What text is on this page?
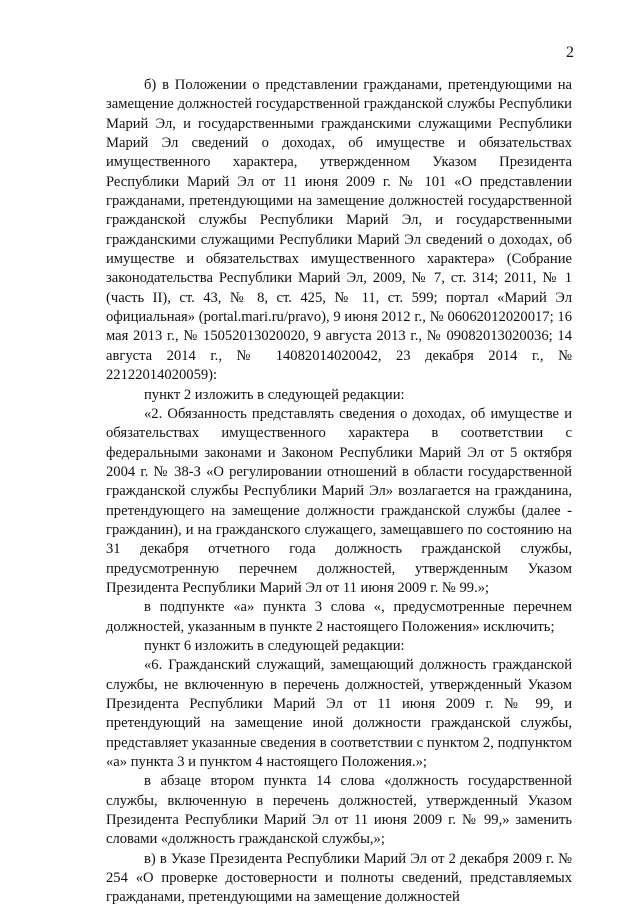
2

б) в Положении о представлении гражданами, претендующими на замещение должностей государственной гражданской службы Республики Марий Эл, и государственными гражданскими служащими Республики Марий Эл сведений о доходах, об имуществе и обязательствах имущественного характера, утвержденном Указом Президента Республики Марий Эл от 11 июня 2009 г. № 101 «О представлении гражданами, претендующими на замещение должностей государственной гражданской службы Республики Марий Эл, и государственными гражданскими служащими Республики Марий Эл сведений о доходах, об имуществе и обязательствах имущественного характера» (Собрание законодательства Республики Марий Эл, 2009, № 7, ст. 314; 2011, № 1 (часть II), ст. 43, № 8, ст. 425, № 11, ст. 599; портал «Марий Эл официальная» (portal.mari.ru/pravo), 9 июня 2012 г., № 06062012020017; 16 мая 2013 г., № 15052013020020, 9 августа 2013 г., № 09082013020036; 14 августа 2014 г., № 14082014020042, 23 декабря 2014 г., № 22122014020059):

пункт 2 изложить в следующей редакции:

«2. Обязанность представлять сведения о доходах, об имуществе и обязательствах имущественного характера в соответствии с федеральными законами и Законом Республики Марий Эл от 5 октября 2004 г. № 38-З «О регулировании отношений в области государственной гражданской службы Республики Марий Эл» возлагается на гражданина, претендующего на замещение должности гражданской службы (далее - гражданин), и на гражданского служащего, замещавшего по состоянию на 31 декабря отчетного года должность гражданской службы, предусмотренную перечнем должностей, утвержденным Указом Президента Республики Марий Эл от 11 июня 2009 г. № 99.»;

в подпункте «а» пункта 3 слова «, предусмотренные перечнем должностей, указанным в пункте 2 настоящего Положения» исключить;

пункт 6 изложить в следующей редакции:

«6. Гражданский служащий, замещающий должность гражданской службы, не включенную в перечень должностей, утвержденный Указом Президента Республики Марий Эл от 11 июня 2009 г. № 99, и претендующий на замещение иной должности гражданской службы, представляет указанные сведения в соответствии с пунктом 2, подпунктом «а» пункта 3 и пунктом 4 настоящего Положения.»;

в абзаце втором пункта 14 слова «должность государственной службы, включенную в перечень должностей, утвержденный Указом Президента Республики Марий Эл от 11 июня 2009 г. № 99,» заменить словами «должность гражданской службы,»;

в) в Указе Президента Республики Марий Эл от 2 декабря 2009 г. № 254 «О проверке достоверности и полноты сведений, представляемых гражданами, претендующими на замещение должностей
